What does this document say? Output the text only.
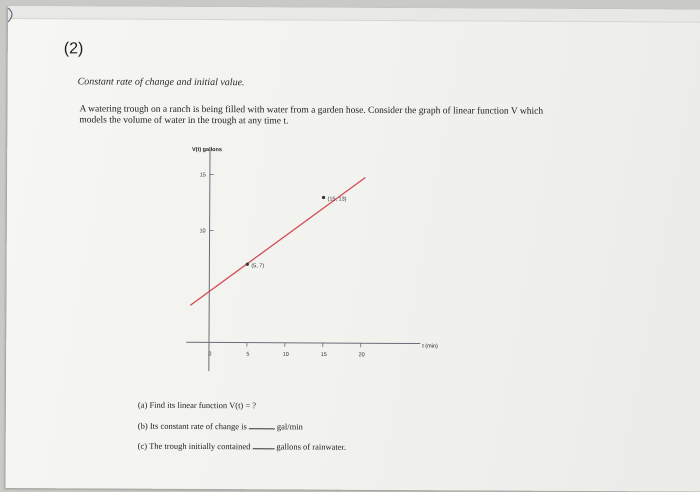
(2)
Constant rate of change and initial value.
A watering trough on a ranch is being filled with water from a garden hose. Consider the graph of linear function V which models the volume of water in the trough at any time t.
0	5	10	15	20
10
15
V(t) gallons
t (min)
(5, 7)
(15, 13)
(a) Find its linear function V(t) = ?
(b) Its constant rate of change is	gal/min
(c) The trough initially contained	gallons of rainwater.
